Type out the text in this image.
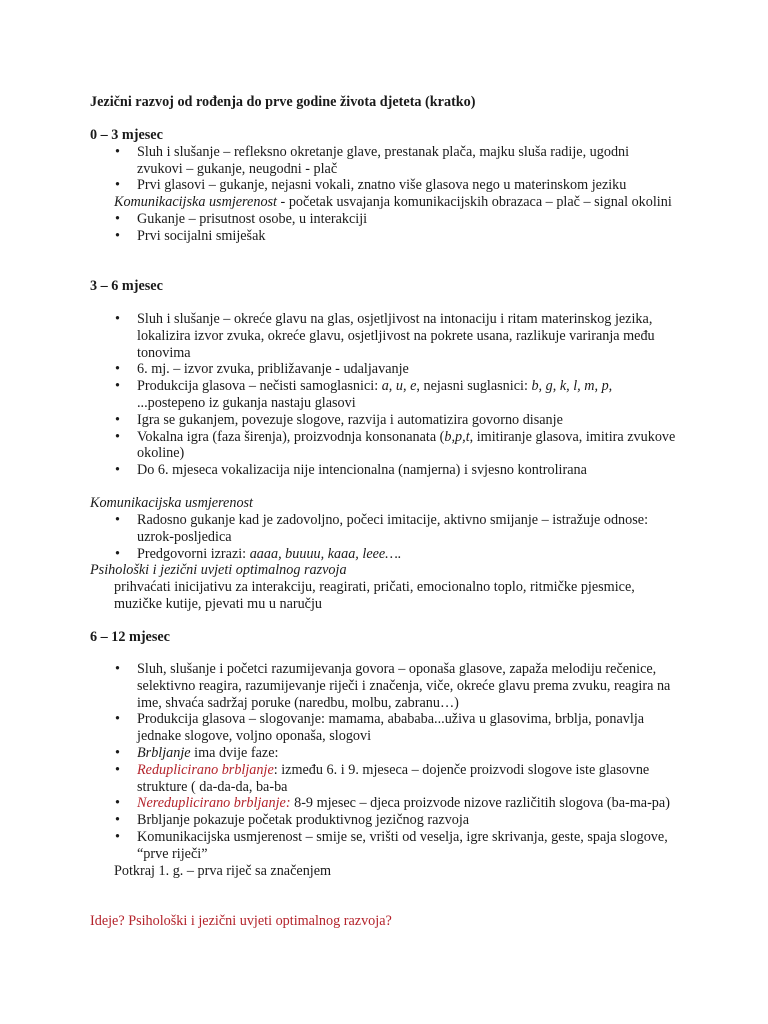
Jezični razvoj od rođenja do prve godine života djeteta (kratko)
0 – 3 mjesec
• Sluh i slušanje – refleksno okretanje glave, prestanak plača, majku sluša radije, ugodni zvukovi – gukanje, neugodni - plač
• Prvi glasovi – gukanje, nejasni vokali, znatno više glasova nego u materinskom jeziku
Komunikacijska usmjerenost - početak usvajanja komunikacijskih obrazaca – plač – signal okolini
• Gukanje – prisutnost osobe, u interakciji
• Prvi socijalni smiješak
3 – 6 mjesec
• Sluh i slušanje – okreće glavu na glas, osjetljivost na intonaciju i ritam materinskog jezika, lokalizira izvor zvuka, okreće glavu, osjetljivost na pokrete usana, razlikuje variranja među tonovima
• 6. mj. – izvor zvuka, približavanje - udaljavanje
• Produkcija glasova – nečisti samoglasnici: a, u, e, nejasni suglasnici: b, g, k, l, m, p,
...postepeno iz gukanja nastaju glasovi
• Igra se gukanjem, povezuje slogove, razvija i automatizira govorno disanje
• Vokalna igra (faza širenja), proizvodnja konsonanata (b,p,t, imitiranje glasova, imitira zvukove okoline)
• Do 6. mjeseca vokalizacija nije intencionalna (namjerna) i svjesno kontrolirana
Komunikacijska usmjerenost
• Radosno gukanje kad je zadovoljno, počeci imitacije, aktivno smijanje – istražuje odnose: uzrok-posljedica
• Predgovorni izrazi: aaaa, buuuu, kaaa, leee….
Psihološki i jezični uvjeti optimalnog razvoja
prihvaćati inicijativu za interakciju, reagirati, pričati, emocionalno toplo, ritmičke pjesmice, muzičke kutije, pjevati mu u naručju
6 – 12 mjesec
• Sluh, slušanje i početci razumijevanja govora – oponaša glasove, zapaža melodiju rečenice, selektivno reagira, razumijevanje riječi i značenja, viče, okreće glavu prema zvuku, reagira na ime, shvaća sadržaj poruke (naredbu, molbu, zabranu…)
• Produkcija glasova – slogovanje: mamama, abababa...uživa u glasovima, brblja, ponavlja jednake slogove, voljno oponaša, slogovi
• Brbljanje ima dvije faze:
• Reduplicirano brbljanje: između 6. i 9. mjeseca – dojenče proizvodi slogove iste glasovne strukture ( da-da-da, ba-ba
• Nereduplicirano brbljanje: 8-9 mjesec – djeca proizvode nizove različitih slogova (ba-ma-pa)
• Brbljanje pokazuje početak produktivnog jezičnog razvoja
• Komunikacijska usmjerenost – smije se, vrišti od veselja, igre skrivanja, geste, spaja slogove, “prve riječi”
Potkraj 1. g. – prva riječ sa značenjem
Ideje? Psihološki i jezični uvjeti optimalnog razvoja?
